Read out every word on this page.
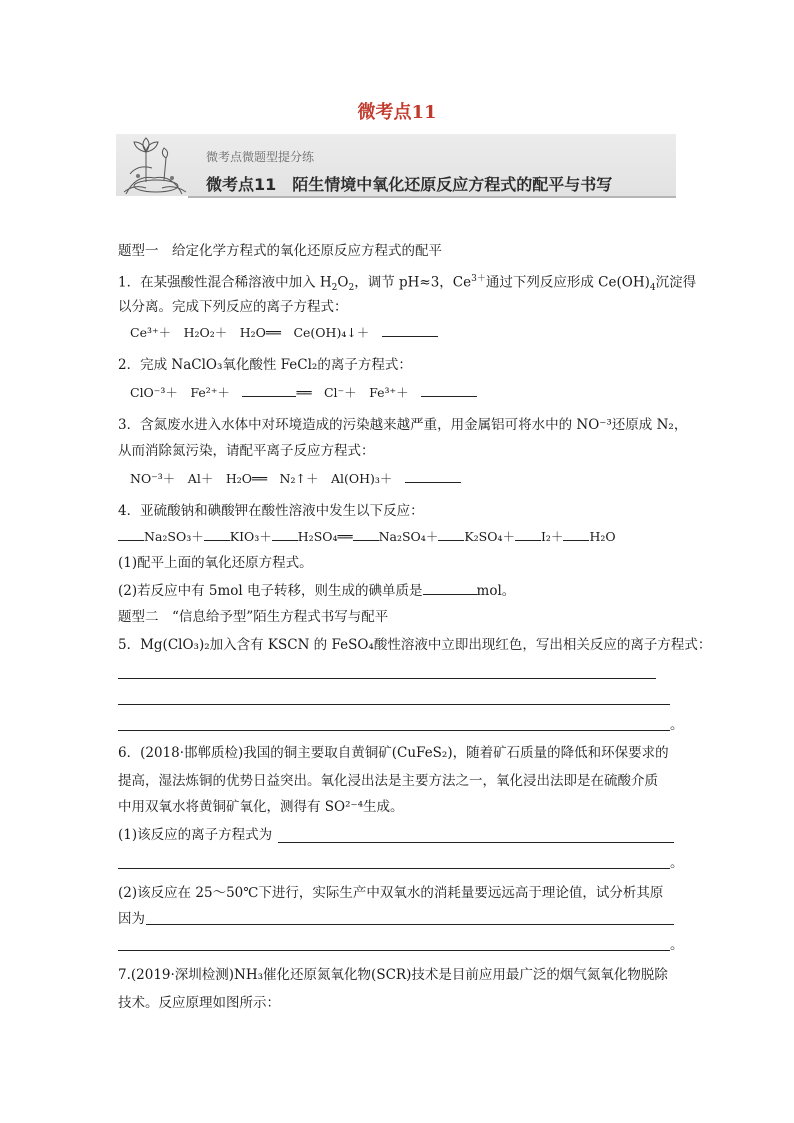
微考点11
微考点微题型提分练
微考点11　陌生情境中氧化还原反应方程式的配平与书写
题型一　给定化学方程式的氧化还原反应方程式的配平
1．在某强酸性混合稀溶液中加入 $H_2O_2$，调节 pH≈3，$Ce^{3+}$通过下列反应形成 $Ce(OH)_4$沉淀得
以分离。完成下列反应的离子方程式：
Ce³⁺＋　H₂O₂＋　H₂O══　Ce(OH)₄↓＋　
2．完成 NaClO₃氧化酸性 FeCl₂的离子方程式：
ClO⁻³＋　Fe²⁺＋　	══　Cl⁻＋　Fe³⁺＋　
3．含氮废水进入水体中对环境造成的污染越来越严重，用金属铝可将水中的 NO⁻³还原成 N₂，
从而消除氮污染，请配平离子反应方程式：
NO⁻³＋　Al＋　H₂O══　N₂↑＋　Al(OH)₃＋　
4．亚硫酸钠和碘酸钾在酸性溶液中发生以下反应：
Na₂SO₃＋ KIO₃＋ H₂SO₄══ Na₂SO₄＋ K₂SO₄＋ I₂＋ H₂O
(1)配平上面的氧化还原方程式。
(2)若反应中有 5mol 电子转移，则生成的碘单质是	mol。
题型二　“信息给予型”陌生方程式书写与配平
5．Mg(ClO₃)₂加入含有 KSCN 的 FeSO₄酸性溶液中立即出现红色，写出相关反应的离子方程式：
。
6．(2018·邯郸质检)我国的铜主要取自黄铜矿(CuFeS₂)，随着矿石质量的降低和环保要求的
提高，湿法炼铜的优势日益突出。氧化浸出法是主要方法之一，氧化浸出法即是在硫酸介质
中用双氧水将黄铜矿氧化，测得有 SO²⁻⁴生成。
(1)该反应的离子方程式为
。
(2)该反应在 25～50℃下进行，实际生产中双氧水的消耗量要远远高于理论值，试分析其原
因为
。
7.(2019·深圳检测)NH₃催化还原氮氧化物(SCR)技术是目前应用最广泛的烟气氮氧化物脱除
技术。反应原理如图所示：
